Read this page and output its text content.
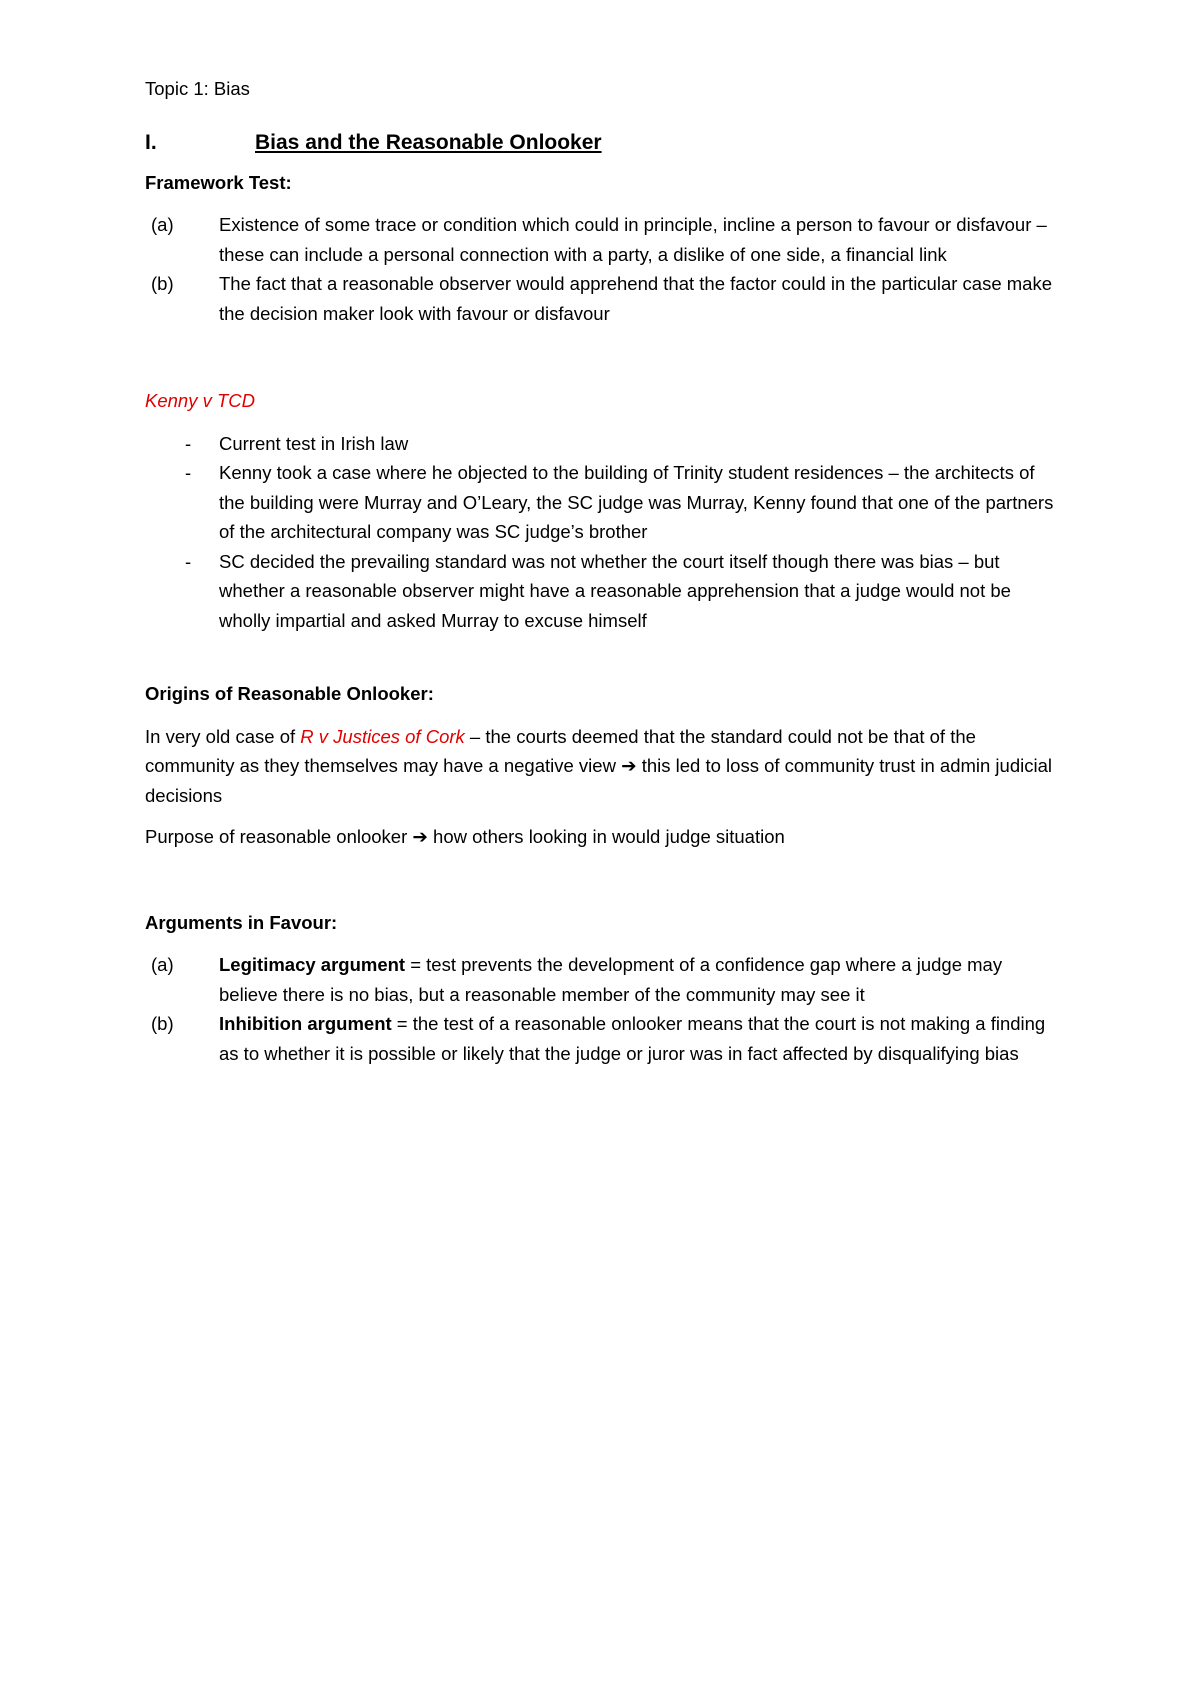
Topic 1: Bias
I.	Bias and the Reasonable Onlooker
Framework Test:
(a)	Existence of some trace or condition which could in principle, incline a person to favour or disfavour – these can include a personal connection with a party, a dislike of one side, a financial link
(b)	The fact that a reasonable observer would apprehend that the factor could in the particular case make the decision maker look with favour or disfavour
Kenny v TCD
-	Current test in Irish law
-	Kenny took a case where he objected to the building of Trinity student residences – the architects of the building were Murray and O’Leary, the SC judge was Murray, Kenny found that one of the partners of the architectural company was SC judge’s brother
-	SC decided the prevailing standard was not whether the court itself though there was bias – but whether a reasonable observer might have a reasonable apprehension that a judge would not be wholly impartial and asked Murray to excuse himself
Origins of Reasonable Onlooker:

In very old case of R v Justices of Cork – the courts deemed that the standard could not be that of the community as they themselves may have a negative view ➔ this led to loss of community trust in admin judicial decisions

Purpose of reasonable onlooker ➔ how others looking in would judge situation

Arguments in Favour:
(a)	Legitimacy argument = test prevents the development of a confidence gap where a judge may believe there is no bias, but a reasonable member of the community may see it
(b)	Inhibition argument = the test of a reasonable onlooker means that the court is not making a finding as to whether it is possible or likely that the judge or juror was in fact affected by disqualifying bias
